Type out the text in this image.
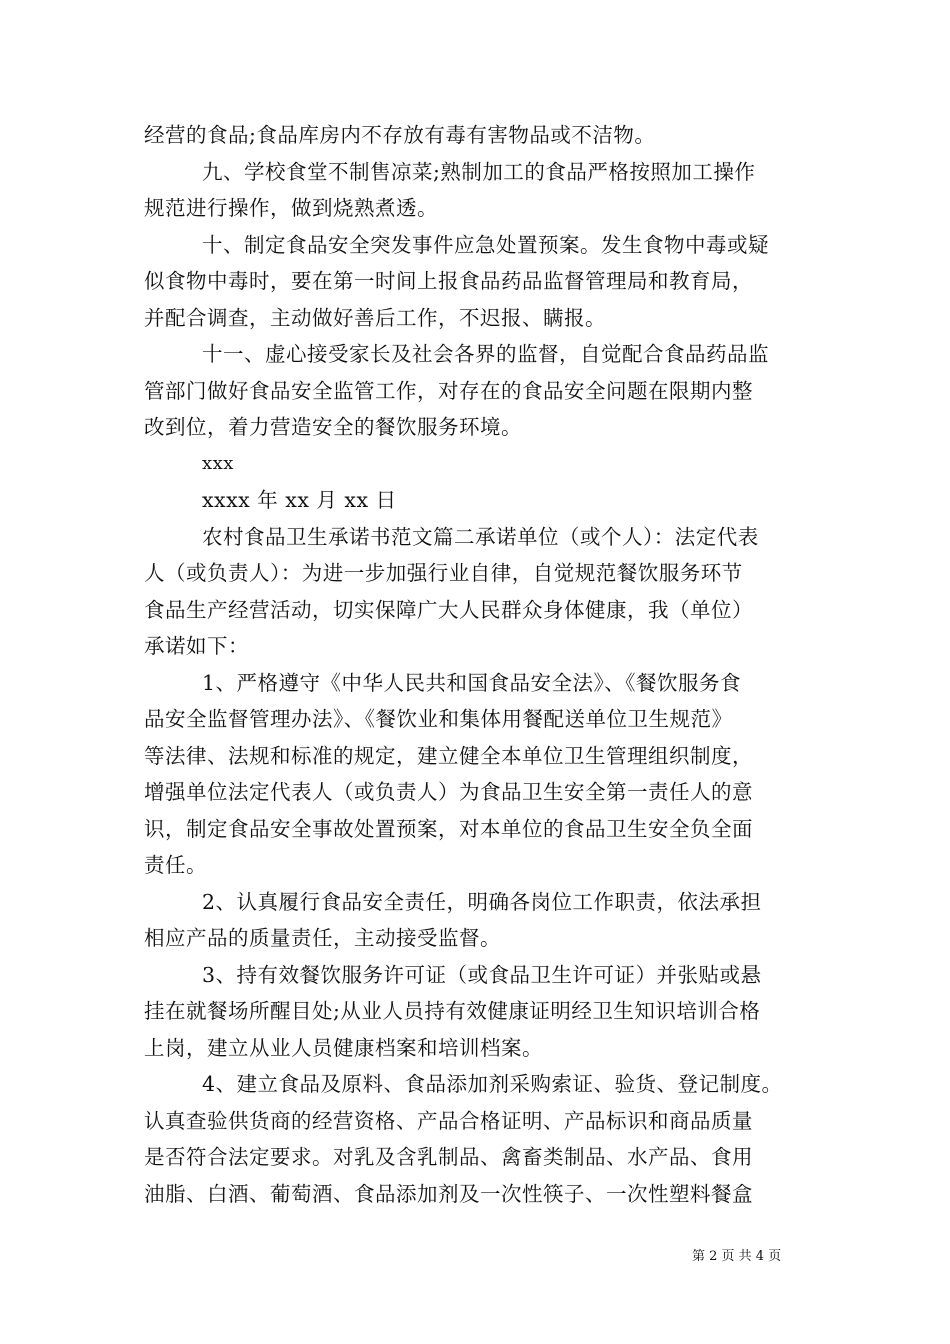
经营的食品;食品库房内不存放有毒有害物品或不洁物。
九、学校食堂不制售凉菜;熟制加工的食品严格按照加工操作
规范进行操作，做到烧熟煮透。
十、制定食品安全突发事件应急处置预案。发生食物中毒或疑
似食物中毒时，要在第一时间上报食品药品监督管理局和教育局，
并配合调查，主动做好善后工作，不迟报、瞒报。
十一、虚心接受家长及社会各界的监督，自觉配合食品药品监
管部门做好食品安全监管工作，对存在的食品安全问题在限期内整
改到位，着力营造安全的餐饮服务环境。
xxx
xxxx 年 xx 月 xx 日
农村食品卫生承诺书范文篇二承诺单位（或个人）：法定代表
人（或负责人）：为进一步加强行业自律，自觉规范餐饮服务环节
食品生产经营活动，切实保障广大人民群众身体健康，我（单位）
承诺如下：
1、严格遵守《中华人民共和国食品安全法》、《餐饮服务食
品安全监督管理办法》、《餐饮业和集体用餐配送单位卫生规范》
等法律、法规和标准的规定，建立健全本单位卫生管理组织制度，
增强单位法定代表人（或负责人）为食品卫生安全第一责任人的意
识，制定食品安全事故处置预案，对本单位的食品卫生安全负全面
责任。
2、认真履行食品安全责任，明确各岗位工作职责，依法承担
相应产品的质量责任，主动接受监督。
3、持有效餐饮服务许可证（或食品卫生许可证）并张贴或悬
挂在就餐场所醒目处;从业人员持有效健康证明经卫生知识培训合格
上岗，建立从业人员健康档案和培训档案。
4、建立食品及原料、食品添加剂采购索证、验货、登记制度。
认真查验供货商的经营资格、产品合格证明、产品标识和商品质量
是否符合法定要求。对乳及含乳制品、禽畜类制品、水产品、食用
油脂、白酒、葡萄酒、食品添加剂及一次性筷子、一次性塑料餐盒
第 2 页 共 4 页
